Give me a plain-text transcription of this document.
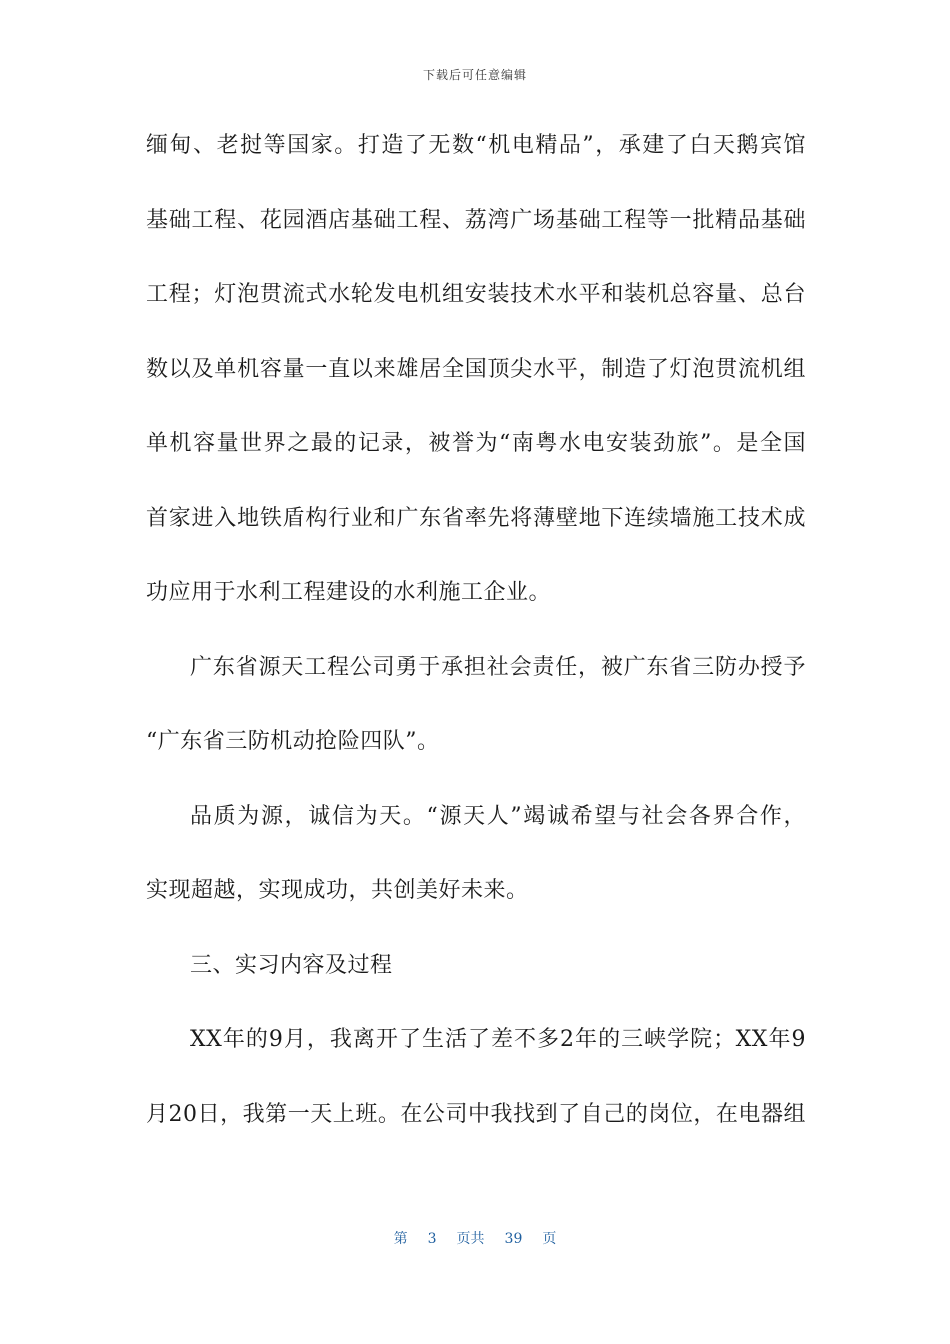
下载后可任意编辑
缅甸、老挝等国家。打造了无数“机电精品”，承建了白天鹅宾馆
基础工程、花园酒店基础工程、荔湾广场基础工程等一批精品基础
工程；灯泡贯流式水轮发电机组安装技术水平和装机总容量、总台
数以及单机容量一直以来雄居全国顶尖水平，制造了灯泡贯流机组
单机容量世界之最的记录，被誉为“南粤水电安装劲旅”。是全国
首家进入地铁盾构行业和广东省率先将薄壁地下连续墙施工技术成
功应用于水利工程建设的水利施工企业。
广东省源天工程公司勇于承担社会责任，被广东省三防办授予
“广东省三防机动抢险四队”。
品质为源，诚信为天。“源天人”竭诚希望与社会各界合作，
实现超越，实现成功，共创美好未来。
三、实习内容及过程
XX年的9月，我离开了生活了差不多2年的三峡学院；XX年9
月20日，我第一天上班。在公司中我找到了自己的岗位，在电器组
第 3 页共 39 页
